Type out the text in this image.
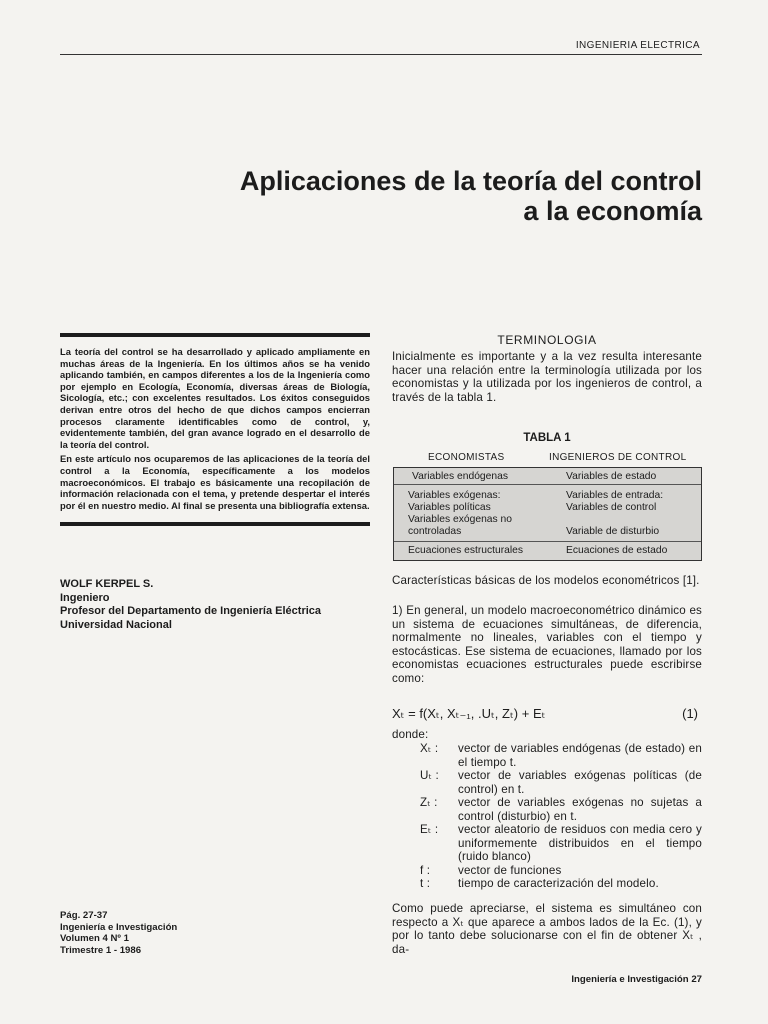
INGENIERIA ELECTRICA
Aplicaciones de la teoría del control
a la economía

La teoría del control se ha desarrollado y aplicado ampliamente en muchas áreas de la Ingeniería. En los últimos años se ha venido aplicando también, en campos diferentes a los de la Ingeniería como por ejemplo en Ecología, Economía, diversas áreas de Biología, Sicología, etc.; con excelentes resultados. Los éxitos conseguidos derivan entre otros del hecho de que dichos campos encierran procesos claramente identificables como de control, y, evidentemente también, del gran avance logrado en el desarrollo de la teoría del control.

En este artículo nos ocuparemos de las aplicaciones de la teoría del control a la Economía, específicamente a los modelos macroeconómicos. El trabajo es básicamente una recopilación de información relacionada con el tema, y pretende despertar el interés por él en nuestro medio. Al final se presenta una bibliografía extensa.

WOLF KERPEL S.
Ingeniero
Profesor del Departamento de Ingeniería Eléctrica
Universidad Nacional
Pág. 27-37
Ingeniería e Investigación
Volumen 4 Nº 1
Trimestre 1 - 1986
TERMINOLOGIA

Inicialmente es importante y a la vez resulta interesante hacer una relación entre la terminología utilizada por los economistas y la utilizada por los ingenieros de control, a través de la tabla 1.

TABLA 1
ECONOMISTAS	INGENIEROS DE CONTROL
Variables endógenas	Variables de estado
Variables exógenas:	Variables de entrada:
Variables políticas	Variables de control
Variables exógenas no
controladas	Variable de disturbio
Ecuaciones estructurales	Ecuaciones de estado

Características básicas de los modelos econométricos [1].

1) En general, un modelo macroeconométrico dinámico es un sistema de ecuaciones simultáneas, de diferencia, normalmente no lineales, variables con el tiempo y estocásticas. Ese sistema de ecuaciones, llamado por los economistas ecuaciones estructurales puede escribirse como:

Xₜ = f(Xₜ, Xₜ₋₁, .Uₜ, Zₜ) + Eₜ	(1)

donde:

Xₜ :	vector de variables endógenas (de estado) en el tiempo t.
Uₜ :	vector de variables exógenas políticas (de control) en t.
Zₜ :	vector de variables exógenas no sujetas a control (disturbio) en t.
Eₜ :	vector aleatorio de residuos con media cero y uniformemente distribuidos en el tiempo (ruido blanco)
f :	vector de funciones
t :	tiempo de caracterización del modelo.

Como puede apreciarse, el sistema es simultáneo con respecto a Xₜ que aparece a ambos lados de la Ec. (1), y por lo tanto debe solucionarse con el fin de obtener Xₜ , da-

Ingeniería e Investigación 27
